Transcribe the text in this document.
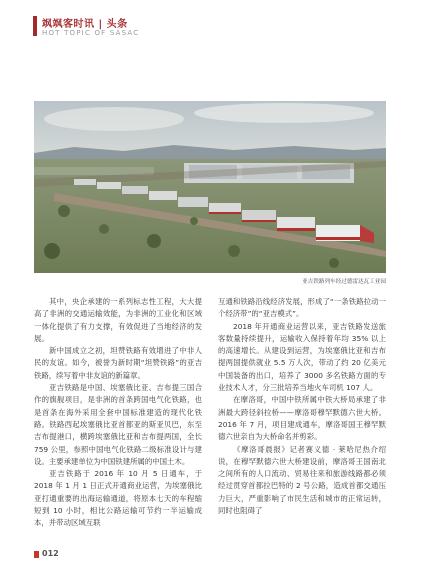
飒飒客时讯 | 头条
HOT TOPIC OF SASAC
亚吉铁路列车经过德雷达瓦工业园

其中，央企承建的一系列标志性工程，大大提高了非洲的交通运输效能，为非洲的工业化和区域一体化提供了有力支撑，有效促进了当地经济的发展。

新中国成立之初，坦赞铁路有效增进了中非人民的友谊。如今，被誉为新时期“坦赞铁路”的亚吉铁路，续写着中非友谊的新篇章。

亚吉铁路是中国、埃塞俄比亚、吉布提三国合作的旗舰项目，是非洲的首条跨国电气化铁路，也是首条在海外采用全套中国标准建造的现代化铁路。铁路西起埃塞俄比亚首都亚的斯亚贝巴，东至吉布提港口，横跨埃塞俄比亚和吉布提两国，全长 759 公里，参照中国电气化铁路二级标准设计与建设。主要承建单位为中国铁建所属的中国土木。

亚吉铁路于 2016 年 10 月 5 日通车，于 2018 年 1 月 1 日正式开通商业运营，为埃塞俄比亚打通重要的出海运输通道，将原本七天的车程缩短到 10 小时，相比公路运输可节约一半运输成本，并带动区域互联

互通和铁路沿线经济发展，形成了“一条铁路拉动一个经济带”的“亚吉模式”。

2018 年开通商业运营以来，亚吉铁路发送旅客数量持续提升，运输收入保持着年均 35% 以上的高速增长。从建设到运营，为埃塞俄比亚和吉布提两国提供就业 5.5 万人次，带动了约 20 亿美元中国装备的出口，培养了 3000 多名铁路方面的专业技术人才，分三批培养当地火车司机 107 人。

在摩洛哥，中国中铁所属中铁大桥局承建了非洲最大跨径斜拉桥——摩洛哥穆罕默德六世大桥。2016 年 7 月，项目建成通车，摩洛哥国王穆罕默德六世亲自为大桥命名并剪彩。

《摩洛哥晨报》记者赛义德 · 莱哈尼热介绍说，在穆罕默德六世大桥建设前，摩洛哥王国南北之间所有的人口流动、贸易往来和旅游线路都必须经过贯穿首都拉巴特的 2 号公路，造成首都交通压力巨大，严重影响了市民生活和城市的正常运转，同时也阻碍了

012
